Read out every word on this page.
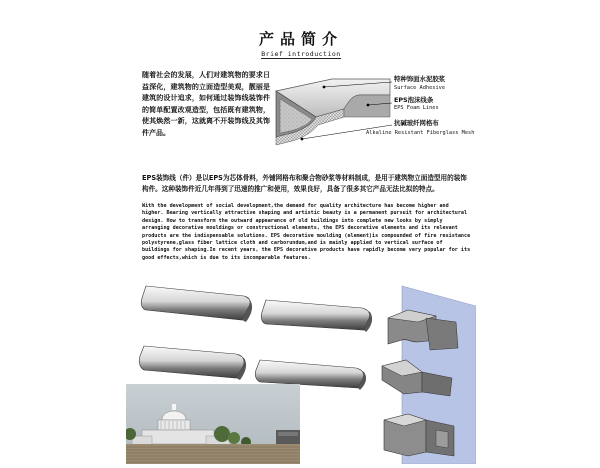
产品简介
Brief introduction
随着社会的发展，人们对建筑物的要求日益深化，建筑物的立面造型美观，靓丽是建筑的设计追求，如何通过装饰线装饰件的简单配置改观造型，包括既有建筑物，使其焕然一新，这就离不开装饰线及其饰件产品。
特种饰面水泥胶浆
Surface Adhesive
EPS泡沫线条
EPS Foam Lines
抗碱玻纤网格布
Alkaline Resistant Fiberglass Mesh
EPS装饰线（件）是以EPS为芯体骨料，外铺网格布和聚合物砂浆等材料制成，是用于建筑物立面造型用的装饰构件。这种装饰件近几年得到了迅速的推广和使用，效果良好，具备了很多其它产品无法比拟的特点。
With the development of social development,the demand for quality architecture has become higher and higher. Bearing vertically attractive shaping and artistic beauty is a permanent pursuit for architectural design. How to transform the outward appearance of old buildings into complete new looks by simply arranging decorative mouldings or constructional elements, the EPS decorative elements and its relevant products are the indispensable solutions. EPS decorative moulding (element)is compounded of fire resistance polystyrene,glass fiber lattice cloth and carborundum,and is mainly applied to vertical surface of buildings for shaping.In recent years, the EPS decorative products have rapidly become very popular for its good effects,which is due to its incomparable features.
